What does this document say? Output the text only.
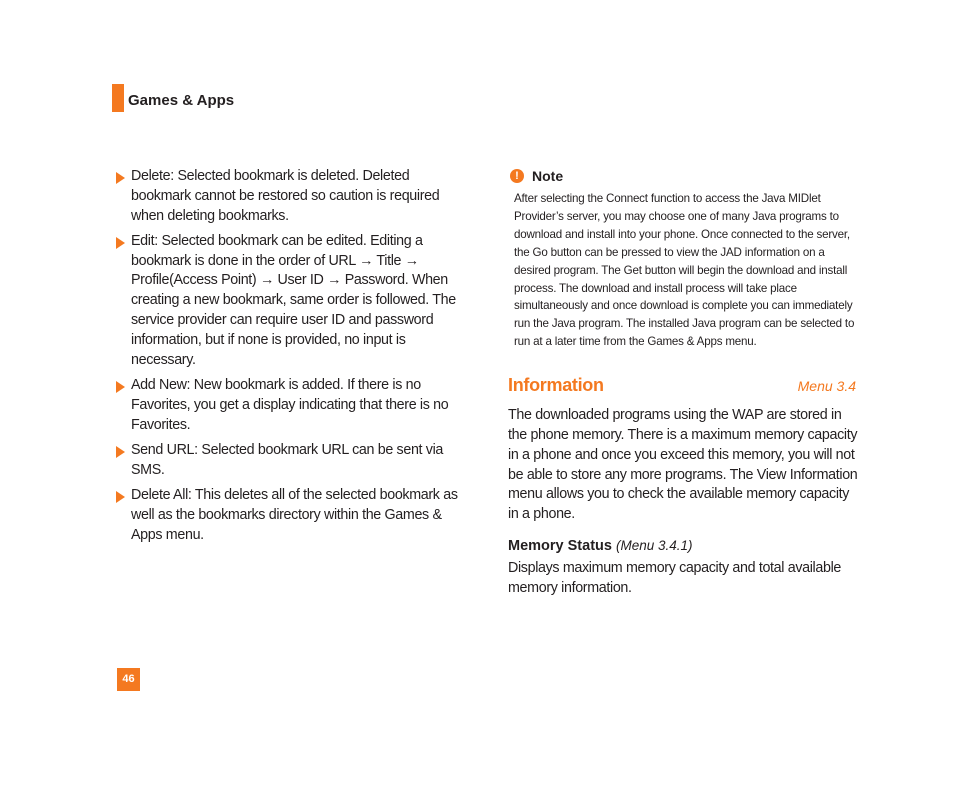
Games & Apps
Delete: Selected bookmark is deleted. Deleted bookmark cannot be restored so caution is required when deleting bookmarks.
Edit: Selected bookmark can be edited. Editing a bookmark is done in the order of URL → Title → Profile(Access Point) → User ID → Password. When creating a new bookmark, same order is followed. The service provider can require user ID and password information, but if none is provided, no input is necessary.
Add New: New bookmark is added. If there is no Favorites, you get a display indicating that there is no Favorites.
Send URL: Selected bookmark URL can be sent via SMS.
Delete All: This deletes all of the selected bookmark as well as the bookmarks directory within the Games & Apps menu.
! Note
After selecting the Connect function to access the Java MIDlet Provider’s server, you may choose one of many Java programs to download and install into your phone. Once connected to the server, the Go button can be pressed to view the JAD information on a desired program. The Get button will begin the download and install process. The download and install process will take place simultaneously and once download is complete you can immediately run the Java program. The installed Java program can be selected to run at a later time from the Games & Apps menu.
Information	Menu 3.4
The downloaded programs using the WAP are stored in the phone memory. There is a maximum memory capacity in a phone and once you exceed this memory, you will not be able to store any more programs. The View Information menu allows you to check the available memory capacity in a phone.
Memory Status (Menu 3.4.1)
Displays maximum memory capacity and total available memory information.
46
